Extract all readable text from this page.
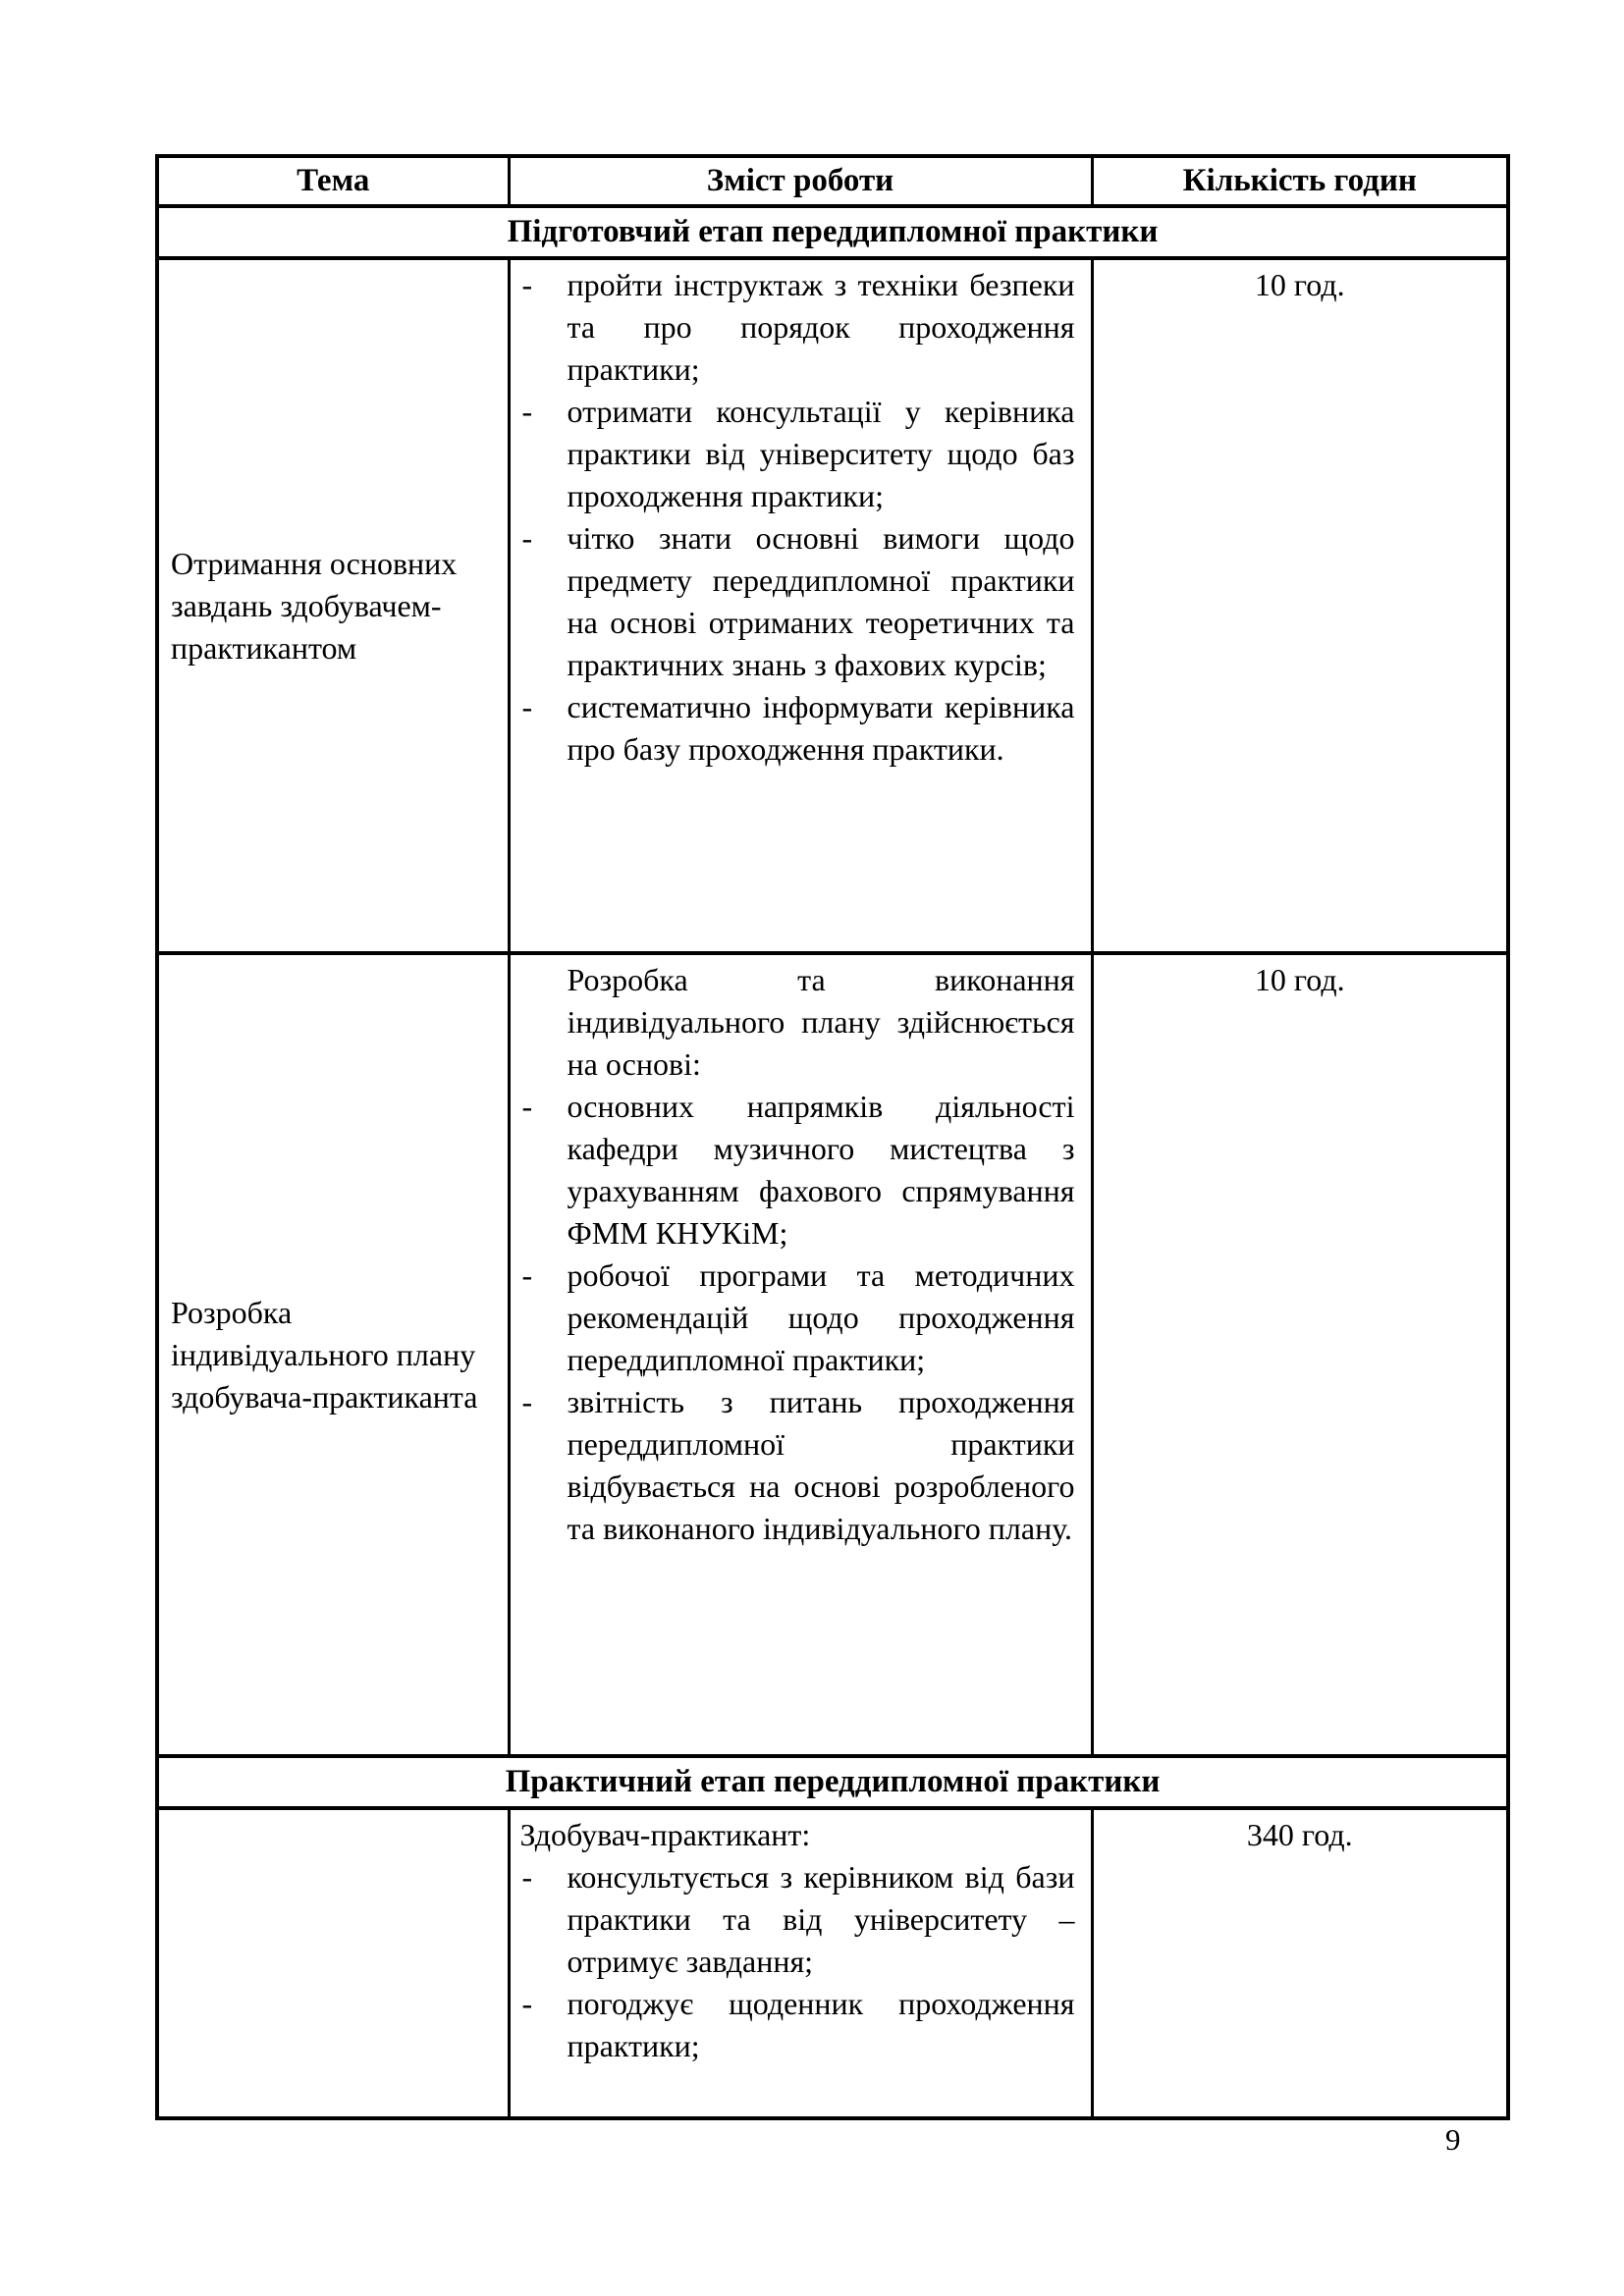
Тема	Зміст роботи	Кількість годин
Підготовчий етап переддипломної практики		
Отримання основних завдань здобувачем-практикантом	- пройти інструктаж з техніки безпеки та про порядок проходження практики;
- отримати консультації у керівника практики від університету щодо баз проходження практики;
- чітко знати основні вимоги щодо предмету переддипломної практики на основі отриманих теоретичних та практичних знань з фахових курсів;
- систематично інформувати керівника про базу проходження практики.	10 год.
Розробка індивідуального плану здобувача-практиканта	Розробка та виконання індивідуального плану здійснюється на основі:
- основних напрямків діяльності кафедри музичного мистецтва з урахуванням фахового спрямування ФММ КНУКіМ;
- робочої програми та методичних рекомендацій щодо проходження переддипломної практики;
- звітність з питань проходження переддипломної практики відбувається на основі розробленого та виконаного індивідуального плану.	10 год.
Практичний етап переддипломної практики		

	Здобувач-практикант:
- консультується з керівником від бази практики та від університету – отримує завдання;
- погоджує щоденник проходження практики;	340 год.
9
